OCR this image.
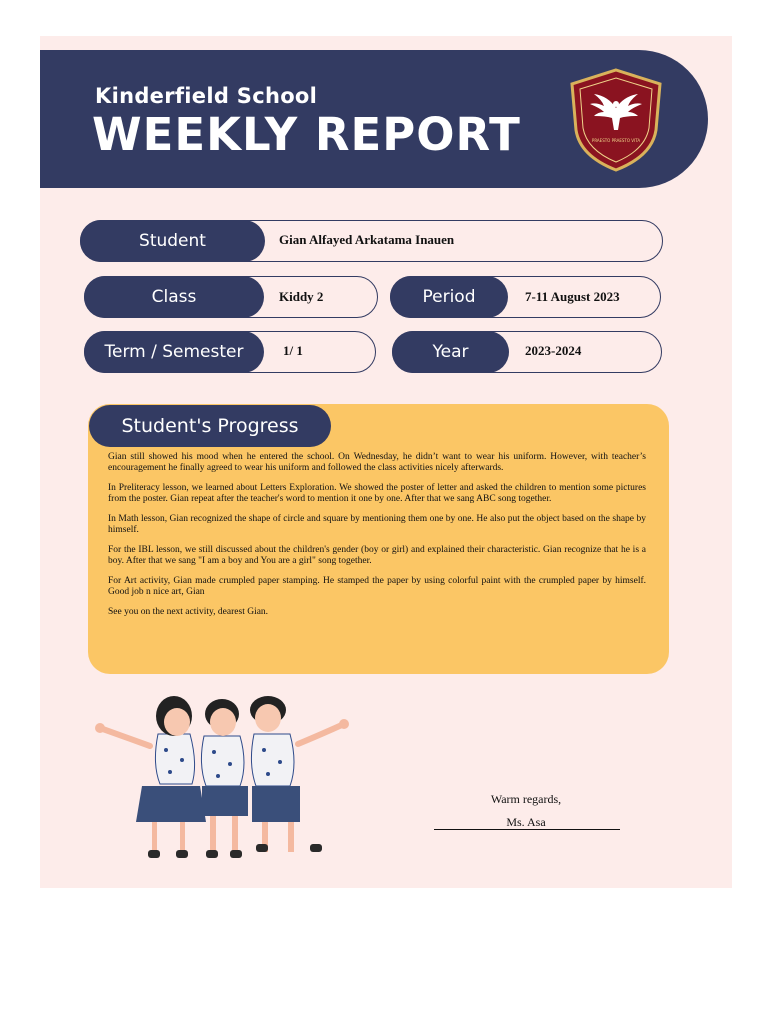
Kinderfield School
WEEKLY REPORT	PRAESTO PRAESTO VITA
Student	Gian Alfayed Arkatama Inauen
Class	Kiddy 2	Period	7-11 August 2023
Term / Semester	1/ 1	Year	2023-2024
Student's Progress

Gian still showed his mood when he entered the school. On Wednesday, he didn’t want to wear his uniform. However, with teacher’s encouragement he finally agreed to wear his uniform and followed the class activities nicely afterwards.

In Preliteracy lesson, we learned about Letters Exploration. We showed the poster of letter and asked the children to mention some pictures from the poster. Gian repeat after the teacher's word to mention it one by one. After that we sang ABC song together.

In Math lesson, Gian recognized the shape of circle and square by mentioning them one by one. He also put the object based on the shape by himself.

For the IBL lesson, we still discussed about the children's gender (boy or girl) and explained their characteristic. Gian recognize that he is a boy. After that we sang "I am a boy and You are a girl" song together.

For Art activity, Gian made crumpled paper stamping. He stamped the paper by using colorful paint with the crumpled paper by himself. Good job n nice art, Gian

See you on the next activity, dearest Gian.

Warm regards,
Ms. Asa
